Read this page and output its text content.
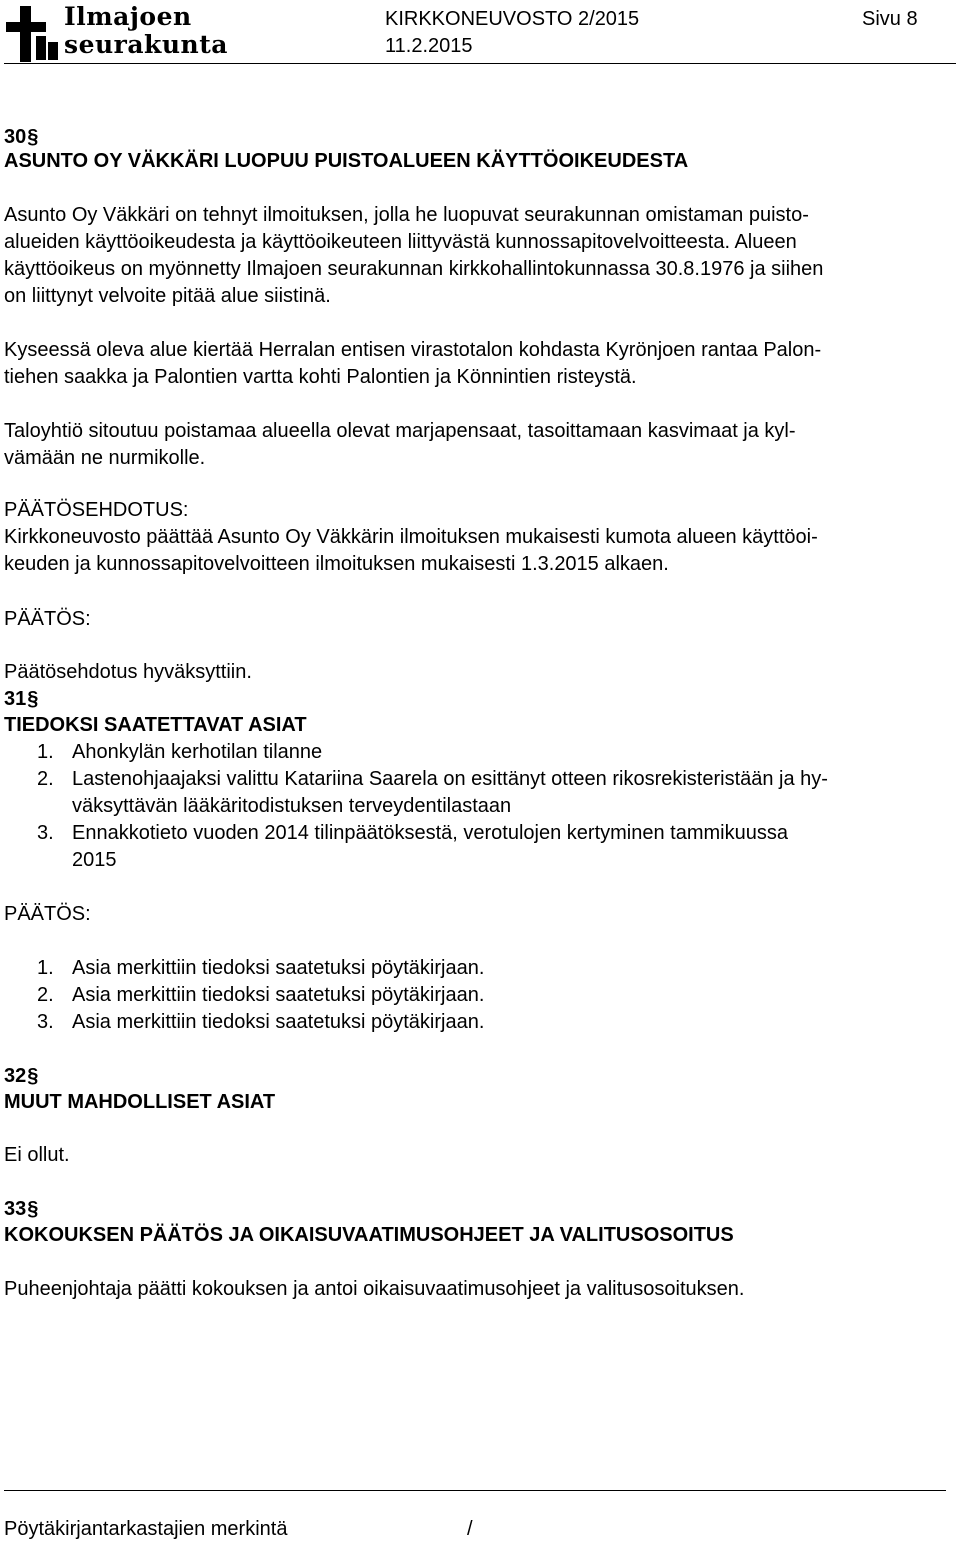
Ilmajoen
seurakunta
KIRKKONEUVOSTO 2/2015
11.2.2015
Sivu 8
30§
ASUNTO OY VÄKKÄRI LUOPUU PUISTOALUEEN KÄYTTÖOIKEUDESTA
Asunto Oy Väkkäri on tehnyt ilmoituksen, jolla he luopuvat seurakunnan omistaman puisto-
alueiden käyttöoikeudesta ja käyttöoikeuteen liittyvästä kunnossapitovelvoitteesta. Alueen
käyttöoikeus on myönnetty Ilmajoen seurakunnan kirkkohallintokunnassa 30.8.1976 ja siihen
on liittynyt velvoite pitää alue siistinä.
Kyseessä oleva alue kiertää Herralan entisen virastotalon kohdasta Kyrönjoen rantaa Palon-
tiehen saakka ja Palontien vartta kohti Palontien ja Könnintien risteystä.
Taloyhtiö sitoutuu poistamaa alueella olevat marjapensaat, tasoittamaan kasvimaat ja kyl-
vämään ne nurmikolle.
PÄÄTÖSEHDOTUS:
Kirkkoneuvosto päättää Asunto Oy Väkkärin ilmoituksen mukaisesti kumota alueen käyttöoi-
keuden ja kunnossapitovelvoitteen ilmoituksen mukaisesti 1.3.2015 alkaen.
PÄÄTÖS:
Päätösehdotus hyväksyttiin.
31§
TIEDOKSI SAATETTAVAT ASIAT
1. Ahonkylän kerhotilan tilanne
2. Lastenohjaajaksi valittu Katariina Saarela on esittänyt otteen rikosrekisteristään ja hy-
väksyttävän lääkäritodistuksen terveydentilastaan
3. Ennakkotieto vuoden 2014 tilinpäätöksestä, verotulojen kertyminen tammikuussa
2015
PÄÄTÖS:
1. Asia merkittiin tiedoksi saatetuksi pöytäkirjaan.
2. Asia merkittiin tiedoksi saatetuksi pöytäkirjaan.
3. Asia merkittiin tiedoksi saatetuksi pöytäkirjaan.
32§
MUUT MAHDOLLISET ASIAT
Ei ollut.
33§
KOKOUKSEN PÄÄTÖS JA OIKAISUVAATIMUSOHJEET JA VALITUSOSOITUS
Puheenjohtaja päätti kokouksen ja antoi oikaisuvaatimusohjeet ja valitusosoituksen.
Pöytäkirjantarkastajien merkintä	/
